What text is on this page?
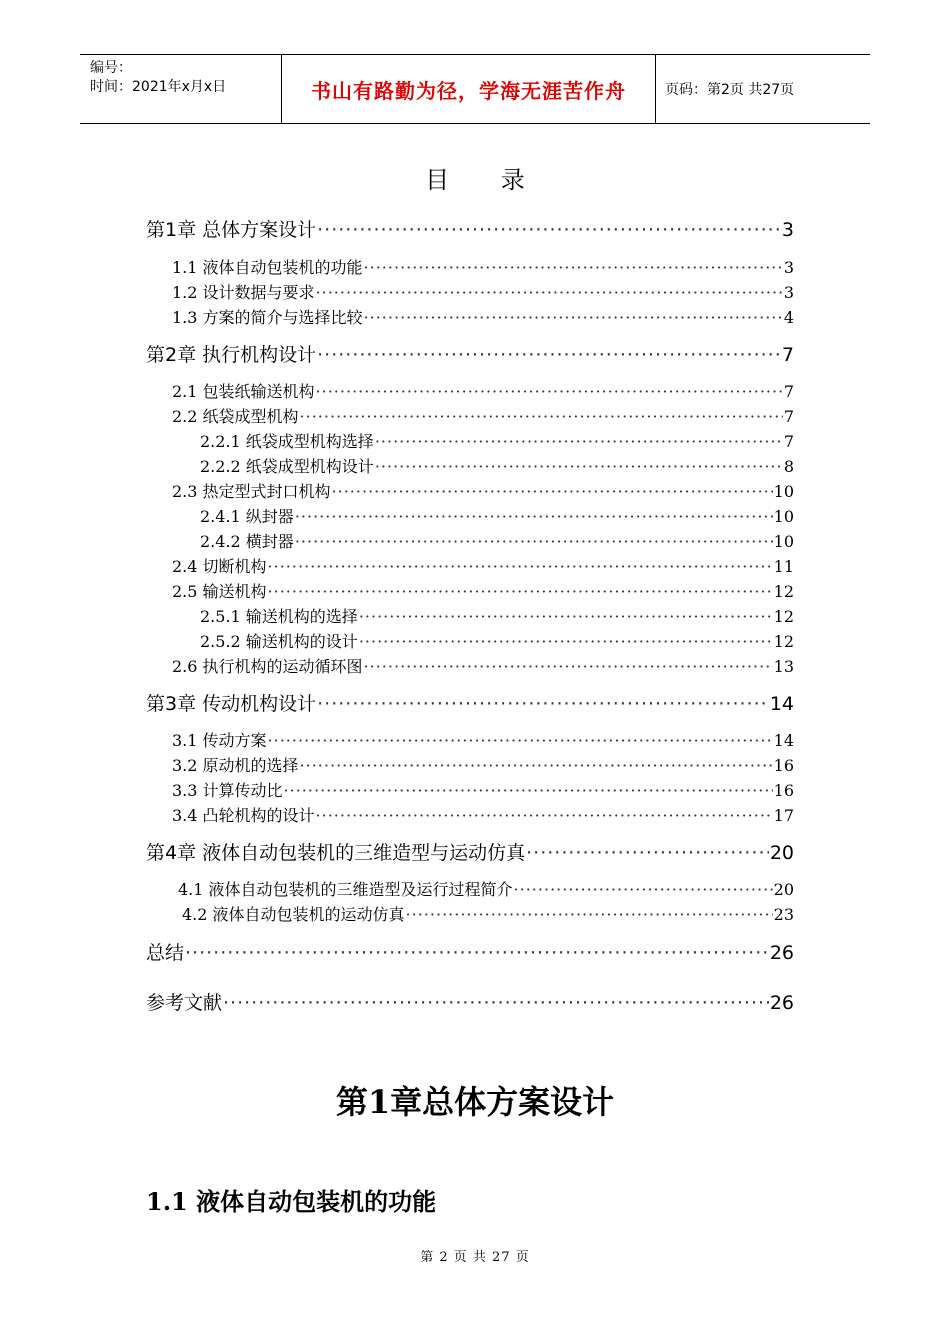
编号：
时间：2021年x月x日	书山有路勤为径，学海无涯苦作舟	页码：第2页 共27页
目 录
第1章 总体方案设计 ·····	3
1.1 液体自动包装机的功能 ·····	3
1.2 设计数据与要求 ·····	3
1.3 方案的简介与选择比较 ·····	4
第2章 执行机构设计 ·····	7
2.1 包装纸输送机构 ·····	7
2.2 纸袋成型机构 ·····	7
2.2.1 纸袋成型机构选择 ·····	7
2.2.2 纸袋成型机构设计 ·····	8
2.3 热定型式封口机构 ·····	10
2.4.1 纵封器 ·····	10
2.4.2 横封器 ·····	10
2.4 切断机构 ·····	11
2.5 输送机构 ·····	12
2.5.1 输送机构的选择 ·····	12
2.5.2 输送机构的设计 ·····	12
2.6 执行机构的运动循环图 ·····	13
第3章 传动机构设计 ·····	14
3.1 传动方案 ·····	14
3.2 原动机的选择 ·····	16
3.3 计算传动比 ·····	16
3.4 凸轮机构的设计 ·····	17
第4章 液体自动包装机的三维造型与运动仿真 ·····	20
4.1 液体自动包装机的三维造型及运行过程简介 ·····	20
4.2 液体自动包装机的运动仿真 ·····	23
总结 ·····	26
参考文献 ·····	26
第1章总体方案设计
1.1 液体自动包装机的功能
第 2 页 共 27 页
